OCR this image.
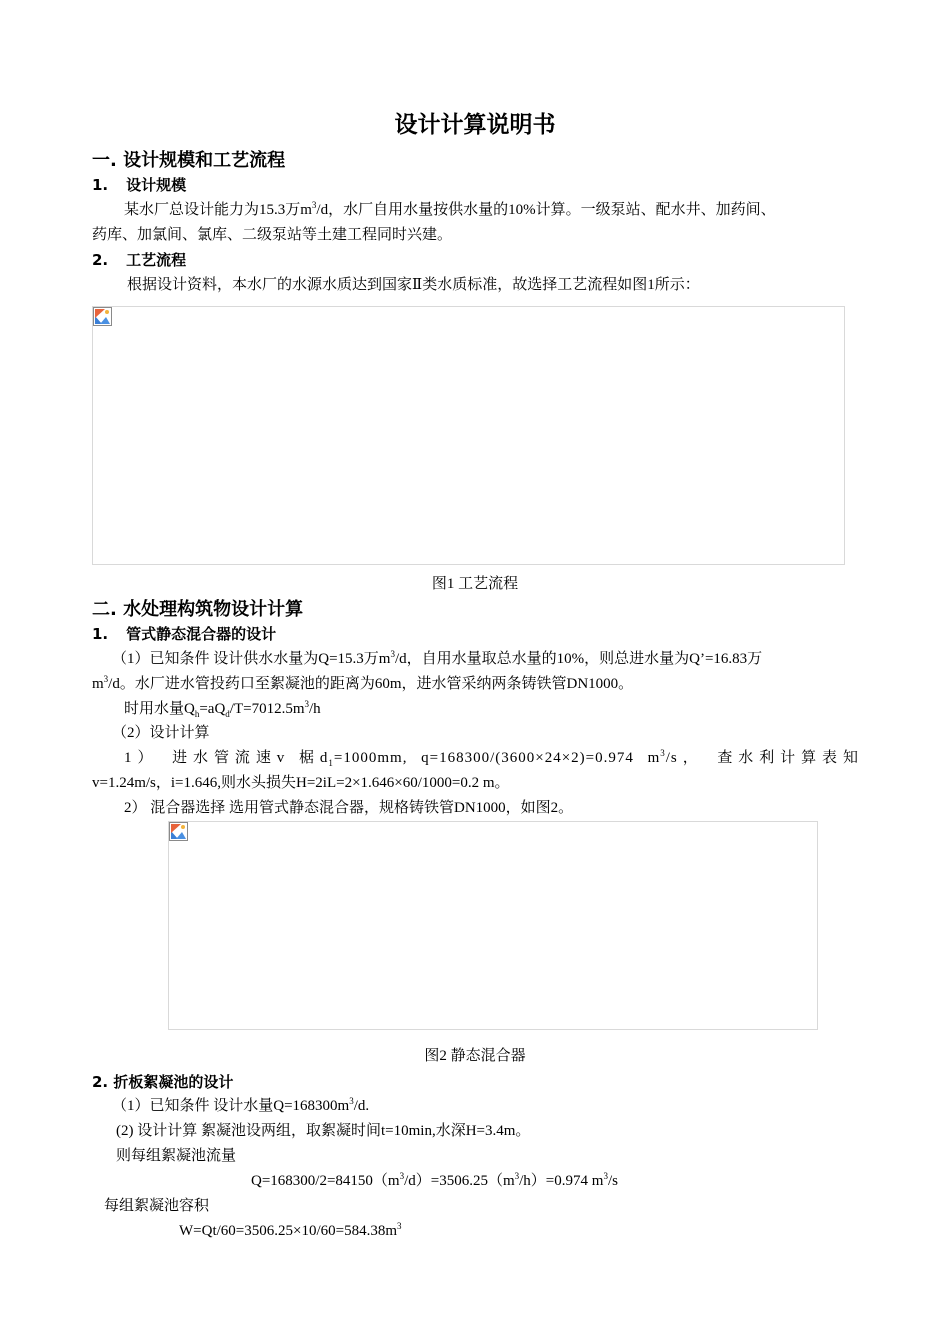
设计计算说明书
一. 设计规模和工艺流程
1. 设计规模
某水厂总设计能力为15.3万$m^3/d$，水厂自用水量按供水量的10%计算。一级泵站、配水井、加药间、
药库、加氯间、氯库、二级泵站等土建工程同时兴建。
2. 工艺流程
根据设计资料，本水厂的水源水质达到国家Ⅱ类水质标准，故选择工艺流程如图1所示：
图1 工艺流程
二. 水处理构筑物设计计算
1. 管式静态混合器的设计
（1）已知条件 设计供水水量为Q=15.3万$m^3/d$，自用水量取总水量的10%，则总进水量为Q’=16.83万
$m^3/d$。水厂进水管投药口至絮凝池的距离为60m，进水管采纳两条铸铁管DN1000。
时用水量$Q_h=aQ_d/T=7012.5m^3/h$
（2）设计计算
1） 进水管流速v 椐$d_1=1000mm$, q=168300/(3600×24×2)=0.974 $m^3/s$， 查水利计算表知
v=1.24m/s，i=1.646,则水头损失H=2iL=2×1.646×60/1000=0.2 m。
2） 混合器选择 选用管式静态混合器，规格铸铁管DN1000，如图2。
图2 静态混合器
2. 折板絮凝池的设计
（1）已知条件 设计水量$Q=168300m^3/d$.
(2) 设计计算 絮凝池设两组，取絮凝时间t=10min,水深H=3.4m。
则每组絮凝池流量
$Q=168300/2=84150(m^3/d)=3506.25(m^3/h)=0.974$ $m^3/s$
每组絮凝池容积
$W=Qt/60=3506.25\times 10/60=584.38m^3$
